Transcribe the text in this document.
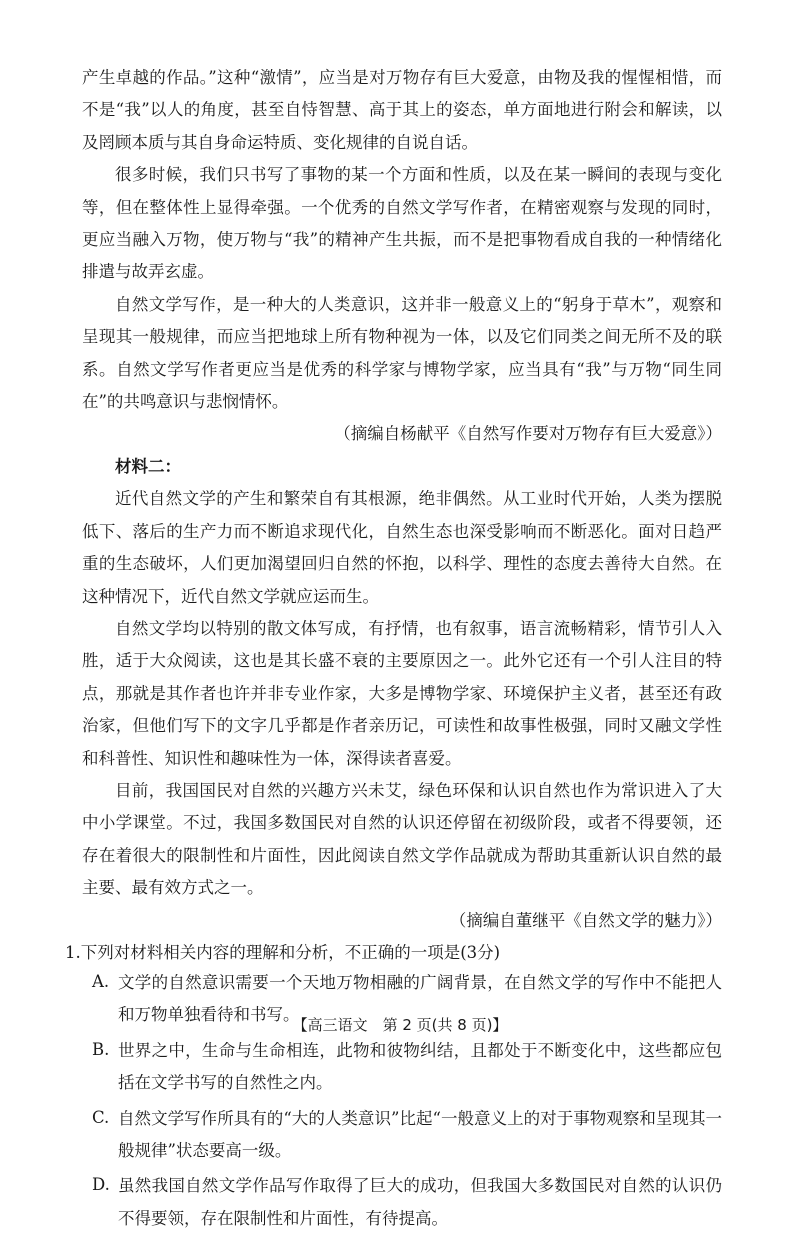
产生卓越的作品。”这种“激情”，应当是对万物存有巨大爱意，由物及我的惺惺相惜，而不是“我”以人的角度，甚至自恃智慧、高于其上的姿态，单方面地进行附会和解读，以及罔顾本质与其自身命运特质、变化规律的自说自话。

很多时候，我们只书写了事物的某一个方面和性质，以及在某一瞬间的表现与变化等，但在整体性上显得牵强。一个优秀的自然文学写作者，在精密观察与发现的同时，更应当融入万物，使万物与“我”的精神产生共振，而不是把事物看成自我的一种情绪化排遣与故弄玄虚。

自然文学写作，是一种大的人类意识，这并非一般意义上的“躬身于草木”，观察和呈现其一般规律，而应当把地球上所有物种视为一体，以及它们同类之间无所不及的联系。自然文学写作者更应当是优秀的科学家与博物学家，应当具有“我”与万物“同生同在”的共鸣意识与悲悯情怀。

（摘编自杨献平《自然写作要对万物存有巨大爱意》）
材料二：

近代自然文学的产生和繁荣自有其根源，绝非偶然。从工业时代开始，人类为摆脱低下、落后的生产力而不断追求现代化，自然生态也深受影响而不断恶化。面对日趋严重的生态破坏，人们更加渴望回归自然的怀抱，以科学、理性的态度去善待大自然。在这种情况下，近代自然文学就应运而生。

自然文学均以特别的散文体写成，有抒情，也有叙事，语言流畅精彩，情节引人入胜，适于大众阅读，这也是其长盛不衰的主要原因之一。此外它还有一个引人注目的特点，那就是其作者也许并非专业作家，大多是博物学家、环境保护主义者，甚至还有政治家，但他们写下的文字几乎都是作者亲历记，可读性和故事性极强，同时又融文学性和科普性、知识性和趣味性为一体，深得读者喜爱。

目前，我国国民对自然的兴趣方兴未艾，绿色环保和认识自然也作为常识进入了大中小学课堂。不过，我国多数国民对自然的认识还停留在初级阶段，或者不得要领，还存在着很大的限制性和片面性，因此阅读自然文学作品就成为帮助其重新认识自然的最主要、最有效方式之一。

（摘编自董继平《自然文学的魅力》）

1.下列对材料相关内容的理解和分析，不正确的一项是(3分)

A. 文学的自然意识需要一个天地万物相融的广阔背景，在自然文学的写作中不能把人和万物单独看待和书写。

B. 世界之中，生命与生命相连，此物和彼物纠结，且都处于不断变化中，这些都应包括在文学书写的自然性之内。

C. 自然文学写作所具有的“大的人类意识”比起“一般意义上的对于事物观察和呈现其一般规律”状态要高一级。

D. 虽然我国自然文学作品写作取得了巨大的成功，但我国大多数国民对自然的认识仍不得要领，存在限制性和片面性，有待提高。

【高三语文　第 2 页(共 8 页)】
